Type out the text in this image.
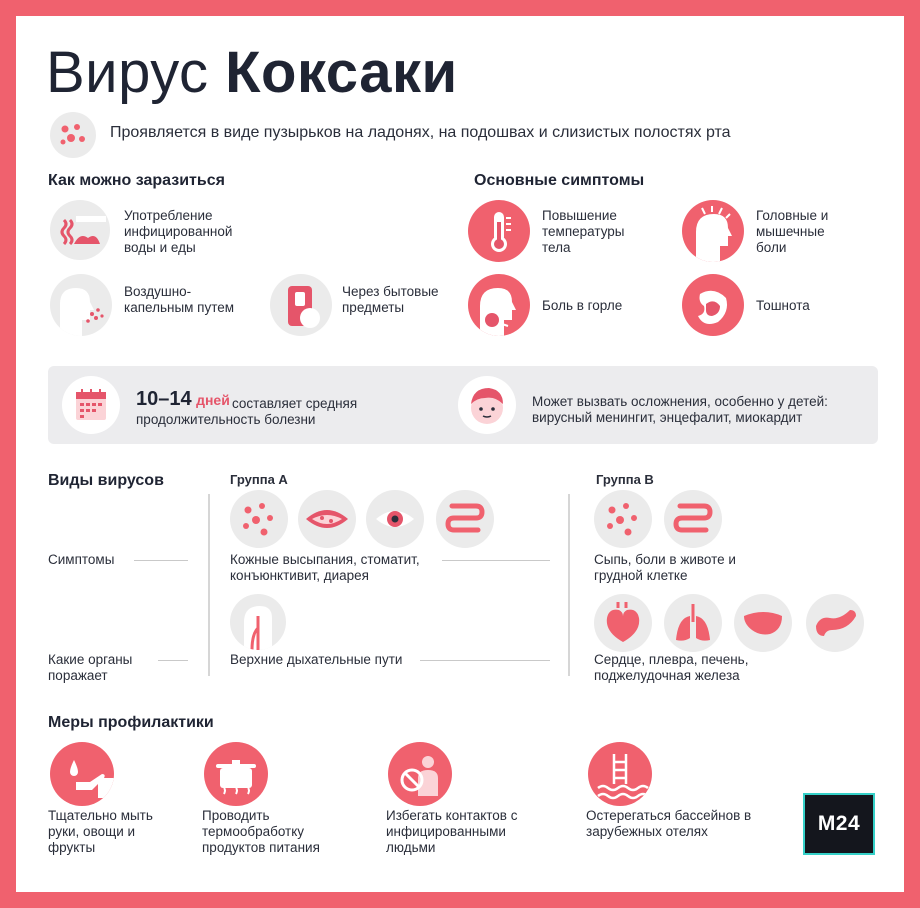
Вирус Коксаки
Проявляется в виде пузырьков на ладонях, на подошвах и слизистых полостях рта
Как можно заразиться
Употребление инфицированной воды и еды
Воздушно-капельным путем
Через бытовые предметы
Основные симптомы
Повышение температуры тела
Головные и мышечные боли
Боль в горле	Тошнота
10–14 дней составляет средняя продолжительность болезни
Может вызвать осложнения, особенно у детей: вирусный менингит, энцефалит, миокардит
Виды вирусов
Симптомы
Какие органы поражает
Группа А
Кожные высыпания, стоматит, конъюнктивит, диарея
Верхние дыхательные пути
Группа В
Сыпь, боли в животе и грудной клетке
Сердце, плевра, печень, поджелудочная железа
Меры профилактики
Тщательно мыть руки, овощи и фрукты
Проводить термообработку продуктов питания
Избегать контактов с инфицированными людьми
Остерегаться бассейнов в зарубежных отелях	M24
